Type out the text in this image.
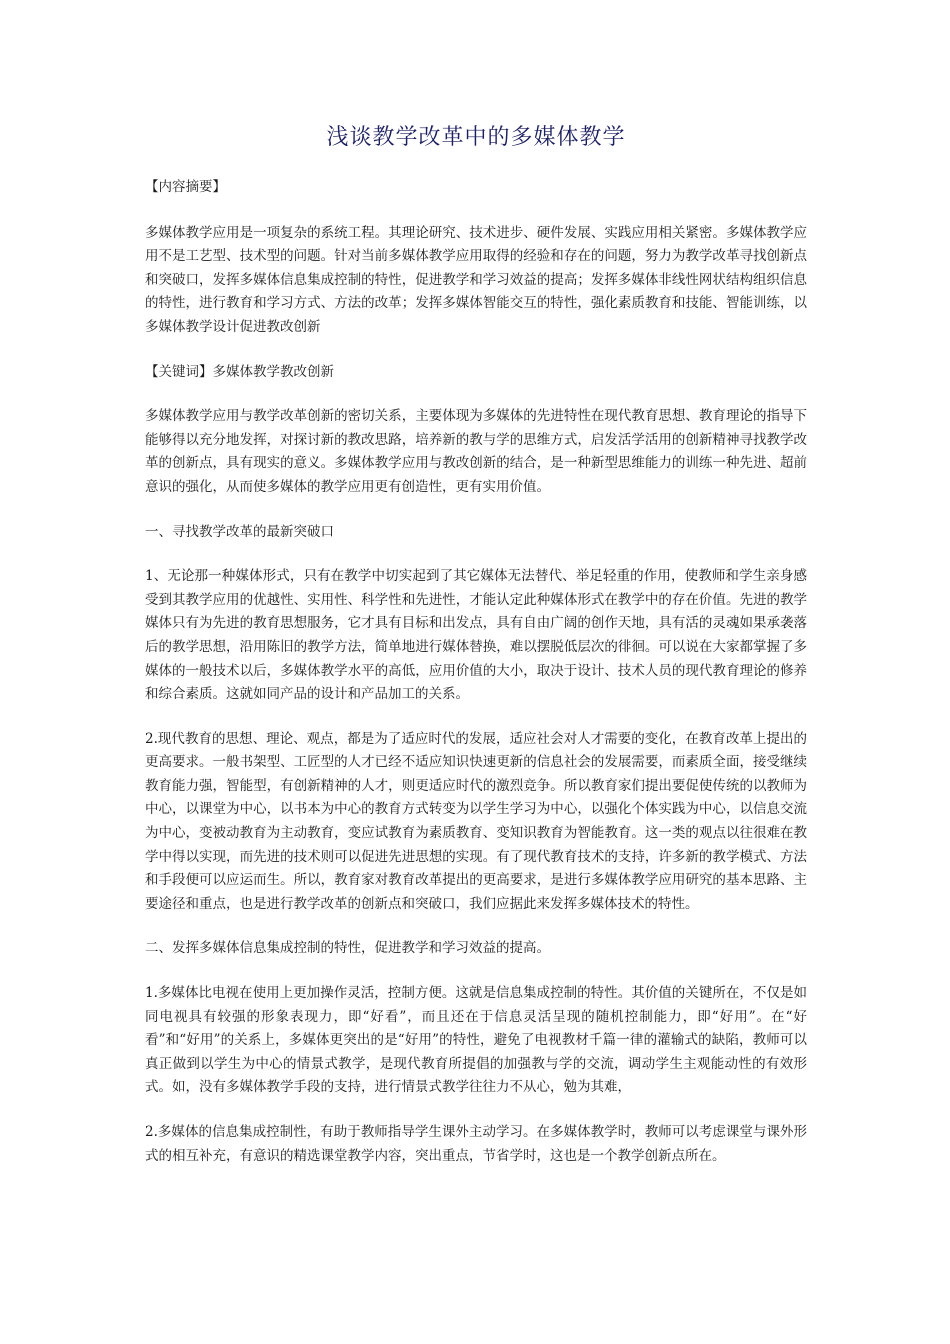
浅谈教学改革中的多媒体教学
【内容摘要】

多媒体教学应用是一项复杂的系统工程。其理论研究、技术进步、硬件发展、实践应用相关紧密。多媒体教学应用不是工艺型、技术型的问题。针对当前多媒体教学应用取得的经验和存在的问题，努力为教学改革寻找创新点和突破口，发挥多媒体信息集成控制的特性，促进教学和学习效益的提高；发挥多媒体非线性网状结构组织信息的特性，进行教育和学习方式、方法的改革；发挥多媒体智能交互的特性，强化素质教育和技能、智能训练，以多媒体教学设计促进教改创新

【关键词】多媒体教学教改创新

多媒体教学应用与教学改革创新的密切关系，主要体现为多媒体的先进特性在现代教育思想、教育理论的指导下能够得以充分地发挥，对探讨新的教改思路，培养新的教与学的思维方式，启发活学活用的创新精神寻找教学改革的创新点，具有现实的意义。多媒体教学应用与教改创新的结合，是一种新型思维能力的训练一种先进、超前意识的强化，从而使多媒体的教学应用更有创造性，更有实用价值。

一、寻找教学改革的最新突破口

1、无论那一种媒体形式，只有在教学中切实起到了其它媒体无法替代、举足轻重的作用，使教师和学生亲身感受到其教学应用的优越性、实用性、科学性和先进性，才能认定此种媒体形式在教学中的存在价值。先进的教学媒体只有为先进的教育思想服务，它才具有目标和出发点，具有自由广阔的创作天地，具有活的灵魂如果承袭落后的教学思想，沿用陈旧的教学方法，简单地进行媒体替换，难以摆脱低层次的徘徊。可以说在大家都掌握了多媒体的一般技术以后，多媒体教学水平的高低，应用价值的大小，取决于设计、技术人员的现代教育理论的修养和综合素质。这就如同产品的设计和产品加工的关系。

2.现代教育的思想、理论、观点，都是为了适应时代的发展，适应社会对人才需要的变化，在教育改革上提出的更高要求。一般书架型、工匠型的人才已经不适应知识快速更新的信息社会的发展需要，而素质全面，接受继续教育能力强，智能型，有创新精神的人才，则更适应时代的激烈竞争。所以教育家们提出要促使传统的以教师为中心，以课堂为中心，以书本为中心的教育方式转变为以学生学习为中心，以强化个体实践为中心，以信息交流为中心，变被动教育为主动教育，变应试教育为素质教育、变知识教育为智能教育。这一类的观点以往很难在教学中得以实现，而先进的技术则可以促进先进思想的实现。有了现代教育技术的支持，许多新的教学模式、方法和手段便可以应运而生。所以，教育家对教育改革提出的更高要求，是进行多媒体教学应用研究的基本思路、主要途径和重点，也是进行教学改革的创新点和突破口，我们应据此来发挥多媒体技术的特性。

二、发挥多媒体信息集成控制的特性，促进教学和学习效益的提高。

1.多媒体比电视在使用上更加操作灵活，控制方便。这就是信息集成控制的特性。其价值的关键所在，不仅是如同电视具有较强的形象表现力，即“好看”，而且还在于信息灵活呈现的随机控制能力，即“好用”。在“好看”和“好用”的关系上，多媒体更突出的是“好用”的特性，避免了电视教材千篇一律的灌输式的缺陷，教师可以真正做到以学生为中心的情景式教学，是现代教育所提倡的加强教与学的交流，调动学生主观能动性的有效形式。如，没有多媒体教学手段的支持，进行情景式教学往往力不从心，勉为其难，

2.多媒体的信息集成控制性，有助于教师指导学生课外主动学习。在多媒体教学时，教师可以考虑课堂与课外形式的相互补充，有意识的精选课堂教学内容，突出重点，节省学时，这也是一个教学创新点所在。
